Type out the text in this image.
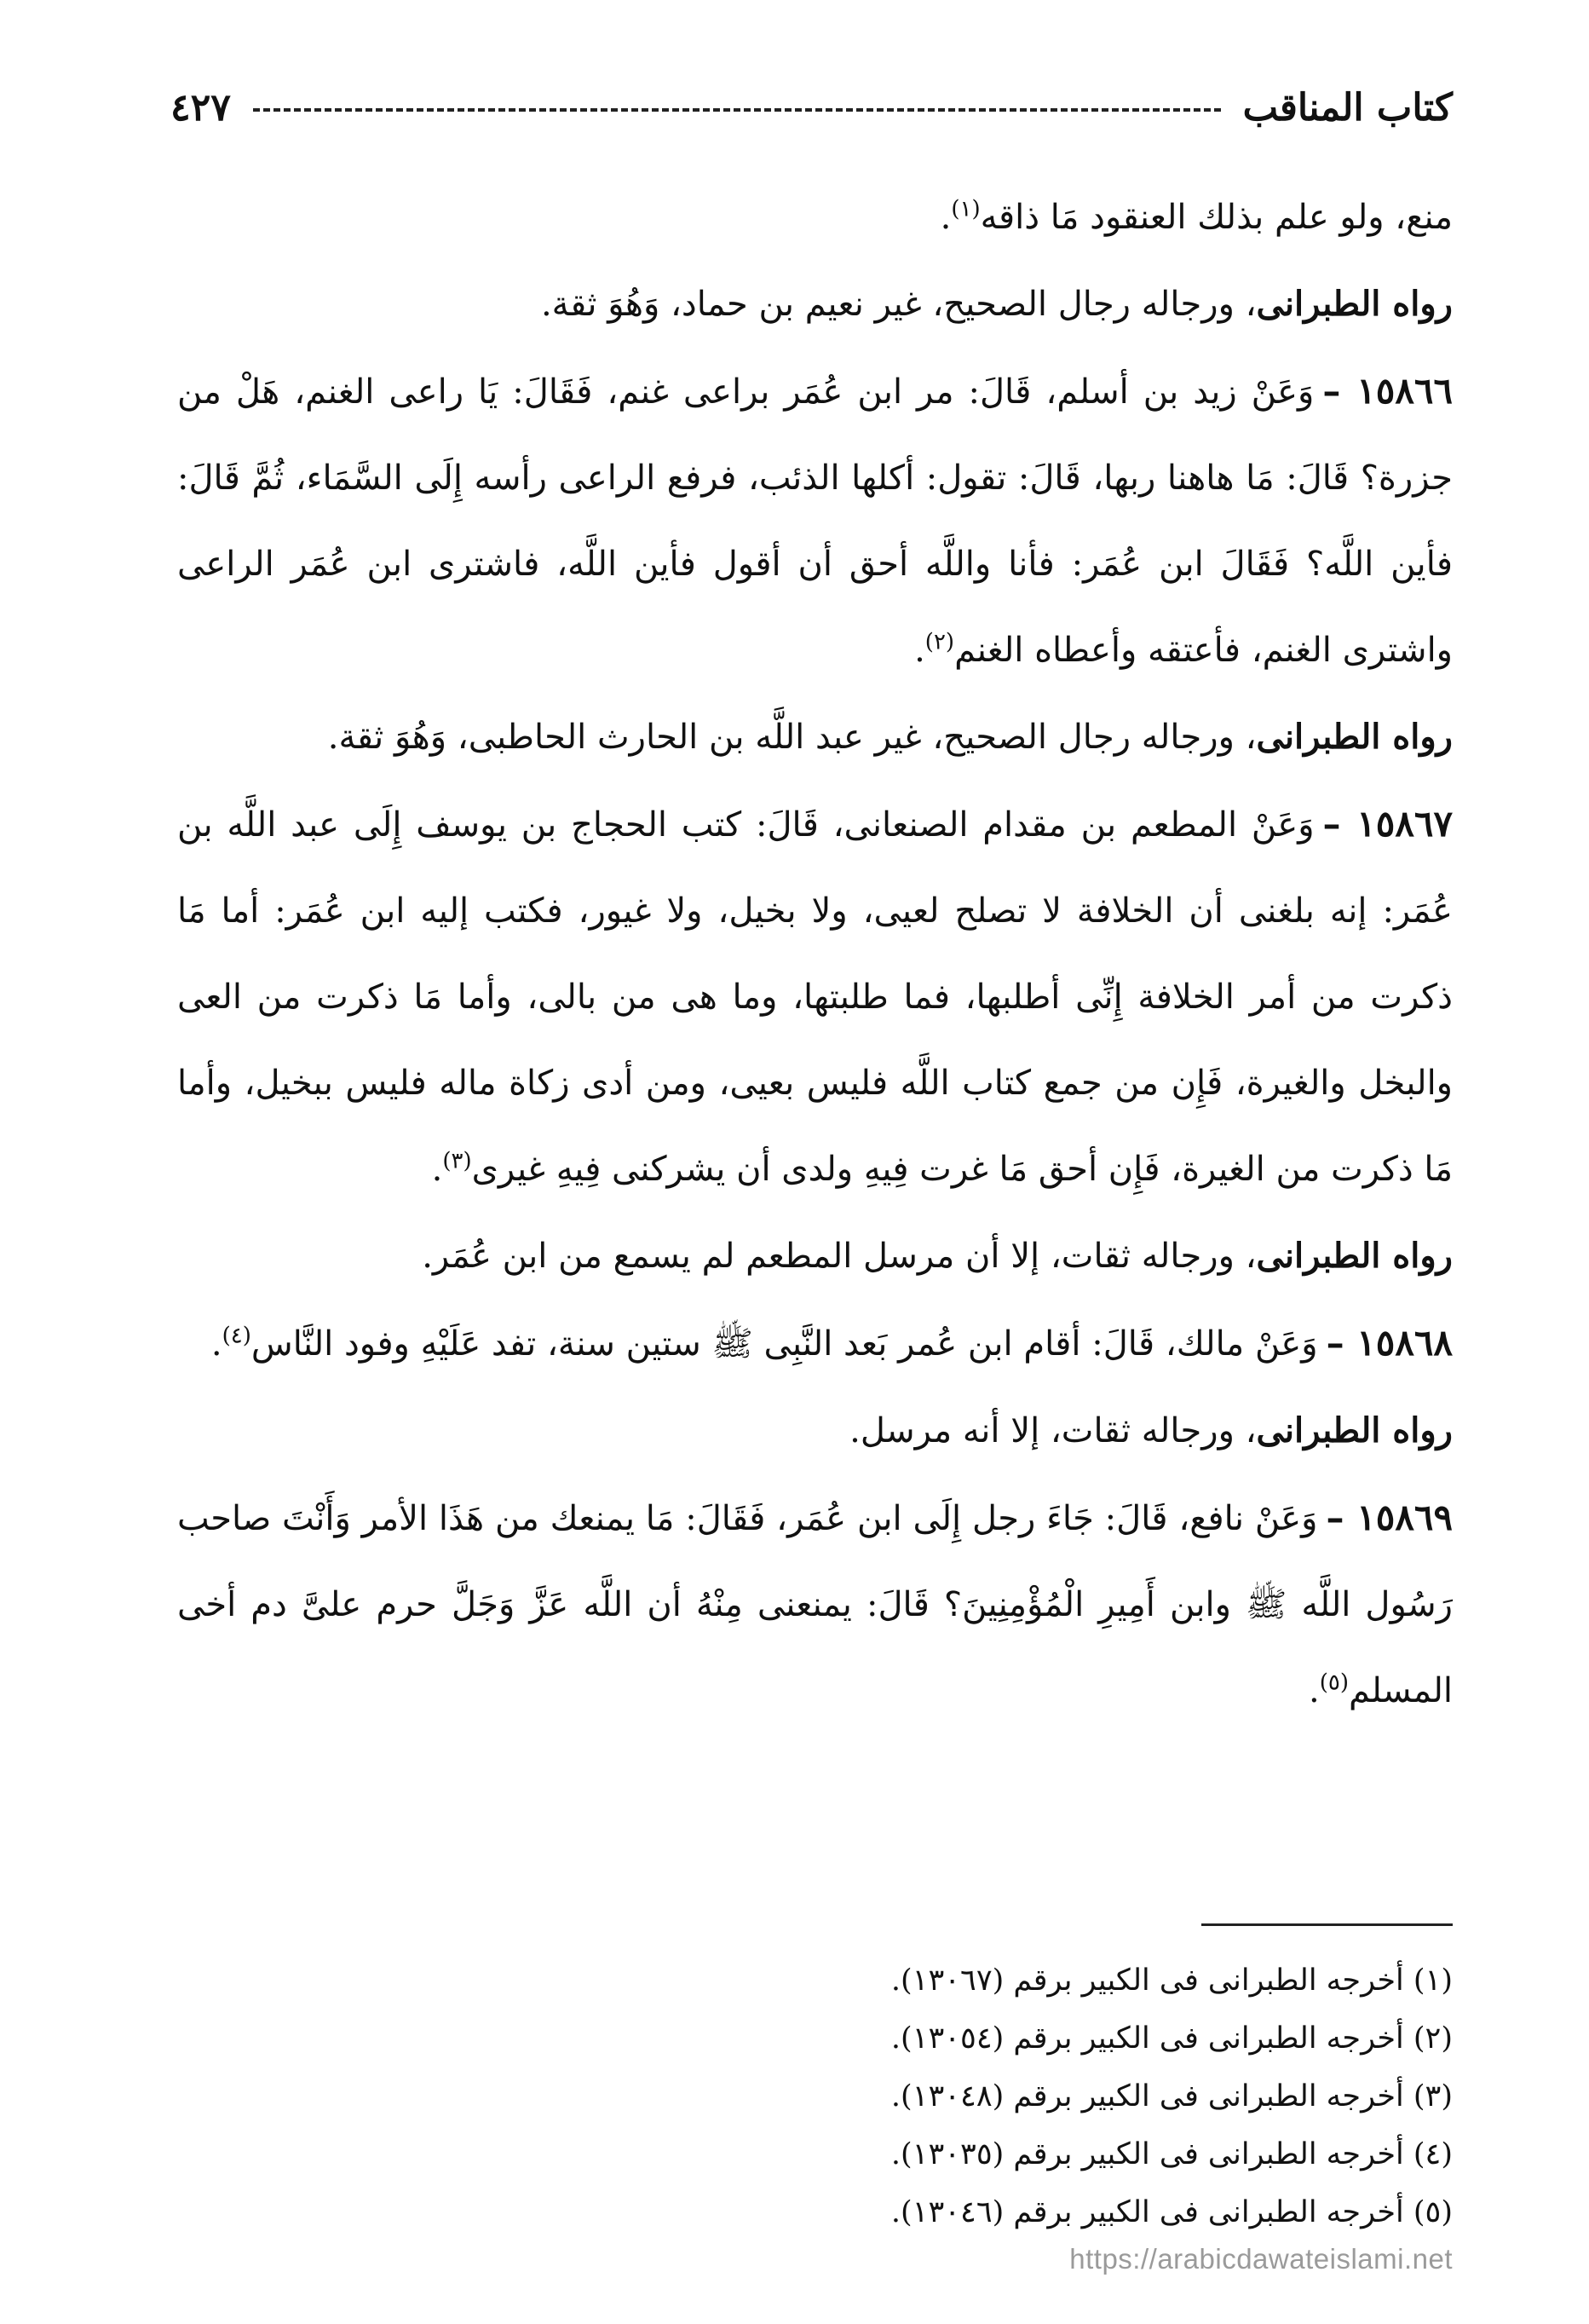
كتاب المناقب
٤٢٧

منع، ولو علم بذلك العنقود مَا ذاقه$^{(١)}$.

رواه الطبرانى، ورجاله رجال الصحيح، غير نعيم بن حماد، وَهُوَ ثقة.

١٥٨٦٦ –وَعَنْ زيد بن أسلم، قَالَ: مر ابن عُمَر براعى غنم، فَقَالَ: يَا راعى الغنم، هَلْ من جزرة؟ قَالَ: مَا هاهنا ربها، قَالَ: تقول: أكلها الذئب، فرفع الراعى رأسه إِلَى السَّمَاء، ثُمَّ قَالَ: فأين اللَّه؟ فَقَالَ ابن عُمَر: فأنا واللَّه أحق أن أقول فأين اللَّه، فاشترى ابن عُمَر الراعى واشترى الغنم، فأعتقه وأعطاه الغنم$^{(٢)}$.

رواه الطبرانى، ورجاله رجال الصحيح، غير عبد اللَّه بن الحارث الحاطبى، وَهُوَ ثقة.

١٥٨٦٧ –وَعَنْ المطعم بن مقدام الصنعانى، قَالَ: كتب الحجاج بن يوسف إِلَى عبد اللَّه بن عُمَر: إنه بلغنى أن الخلافة لا تصلح لعيى، ولا بخيل، ولا غيور، فكتب إليه ابن عُمَر: أما مَا ذكرت من أمر الخلافة إِنِّى أطلبها، فما طلبتها، وما هى من بالى، وأما مَا ذكرت من العى والبخل والغيرة، فَإِن من جمع كتاب اللَّه فليس بعيى، ومن أدى زكاة ماله فليس ببخيل، وأما مَا ذكرت من الغيرة، فَإِن أحق مَا غرت فِيهِ ولدى أن يشركنى فِيهِ غيرى$^{(٣)}$.

رواه الطبرانى، ورجاله ثقات، إلا أن مرسل المطعم لم يسمع من ابن عُمَر.

١٥٨٦٨ –وَعَنْ مالك، قَالَ: أقام ابن عُمر بَعد النَّبِى ﷺ ستين سنة، تفد عَلَيْهِ وفود النَّاس$^{(٤)}$.

رواه الطبرانى، ورجاله ثقات، إلا أنه مرسل.

١٥٨٦٩ –وَعَنْ نافع، قَالَ: جَاءَ رجل إِلَى ابن عُمَر، فَقَالَ: مَا يمنعك من هَذَا الأمر وَأَنْتَ صاحب رَسُول اللَّه ﷺ وابن أَمِيرِ الْمُؤْمِنِينَ؟ قَالَ: يمنعنى مِنْهُ أن اللَّه عَزَّ وَجَلَّ حرم علىَّ دم أخى المسلم$^{(٥)}$.

(١) أخرجه الطبرانى فى الكبير برقم (١٣٠٦٧).

(٢) أخرجه الطبرانى فى الكبير برقم (١٣٠٥٤).

(٣) أخرجه الطبرانى فى الكبير برقم (١٣٠٤٨).

(٤) أخرجه الطبرانى فى الكبير برقم (١٣٠٣٥).

(٥) أخرجه الطبرانى فى الكبير برقم (١٣٠٤٦).

https://arabicdawateislami.net
